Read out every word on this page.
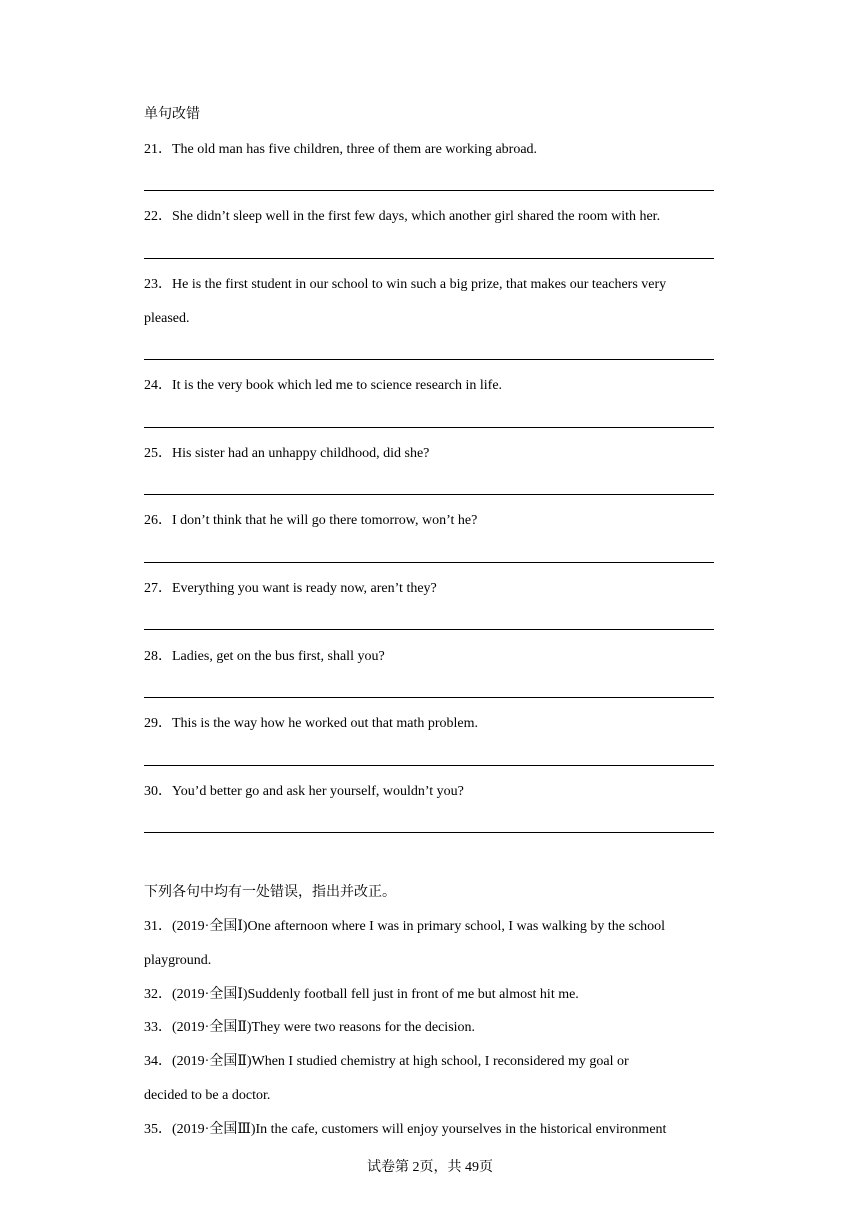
单句改错
21．The old man has five children, three of them are working abroad.
22．She didn’t sleep well in the first few days, which another girl shared the room with her.
23．He is the first student in our school to win such a big prize, that makes our teachers very
pleased.
24．It is the very book which led me to science research in life.
25．His sister had an unhappy childhood, did she?
26．I don’t think that he will go there tomorrow, won’t he?
27．Everything you want is ready now, aren’t they?
28．Ladies, get on the bus first, shall you?
29．This is the way how he worked out that math problem.
30．You’d better go and ask her yourself, wouldn’t you?
下列各句中均有一处错误，指出并改正。
31．(2019·全国Ⅰ)One afternoon where I was in primary school, I was walking by the school
playground.
32．(2019·全国Ⅰ)Suddenly football fell just in front of me but almost hit me.
33．(2019·全国Ⅱ)They were two reasons for the decision.
34．(2019·全国Ⅱ)When I studied chemistry at high school, I reconsidered my goal or
decided to be a doctor.
35．(2019·全国Ⅲ)In the cafe, customers will enjoy yourselves in the historical environment
试卷第 2页，共 49页
